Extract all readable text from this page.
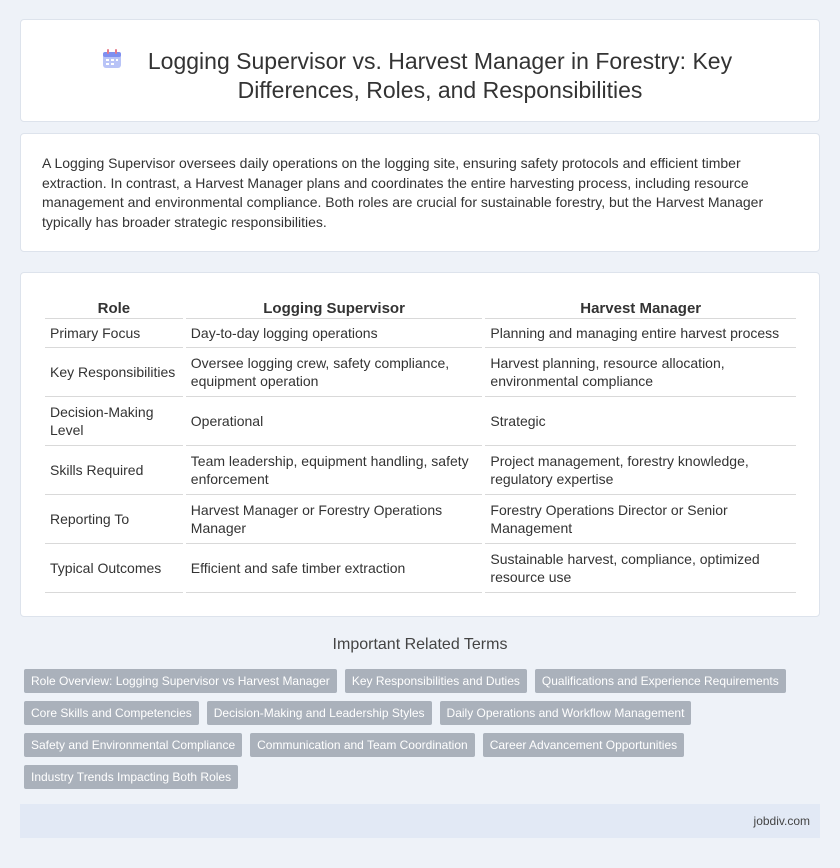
Logging Supervisor vs. Harvest Manager in Forestry: Key Differences, Roles, and Responsibilities

A Logging Supervisor oversees daily operations on the logging site, ensuring safety protocols and efficient timber extraction. In contrast, a Harvest Manager plans and coordinates the entire harvesting process, including resource management and environmental compliance. Both roles are crucial for sustainable forestry, but the Harvest Manager typically has broader strategic responsibilities.

Role	Logging Supervisor	Harvest Manager
Primary Focus	Day-to-day logging operations	Planning and managing entire harvest process
Key Responsibilities	Oversee logging crew, safety compliance, equipment operation	Harvest planning, resource allocation, environmental compliance
Decision-Making Level	Operational	Strategic
Skills Required	Team leadership, equipment handling, safety enforcement	Project management, forestry knowledge, regulatory expertise
Reporting To	Harvest Manager or Forestry Operations Manager	Forestry Operations Director or Senior Management
Typical Outcomes	Efficient and safe timber extraction	Sustainable harvest, compliance, optimized resource use
Important Related Terms
Role Overview: Logging Supervisor vs Harvest Manager	Key Responsibilities and Duties	Qualifications and Experience Requirements
Core Skills and Competencies	Decision-Making and Leadership Styles	Daily Operations and Workflow Management
Safety and Environmental Compliance	Communication and Team Coordination	Career Advancement Opportunities
Industry Trends Impacting Both Roles
jobdiv.com
